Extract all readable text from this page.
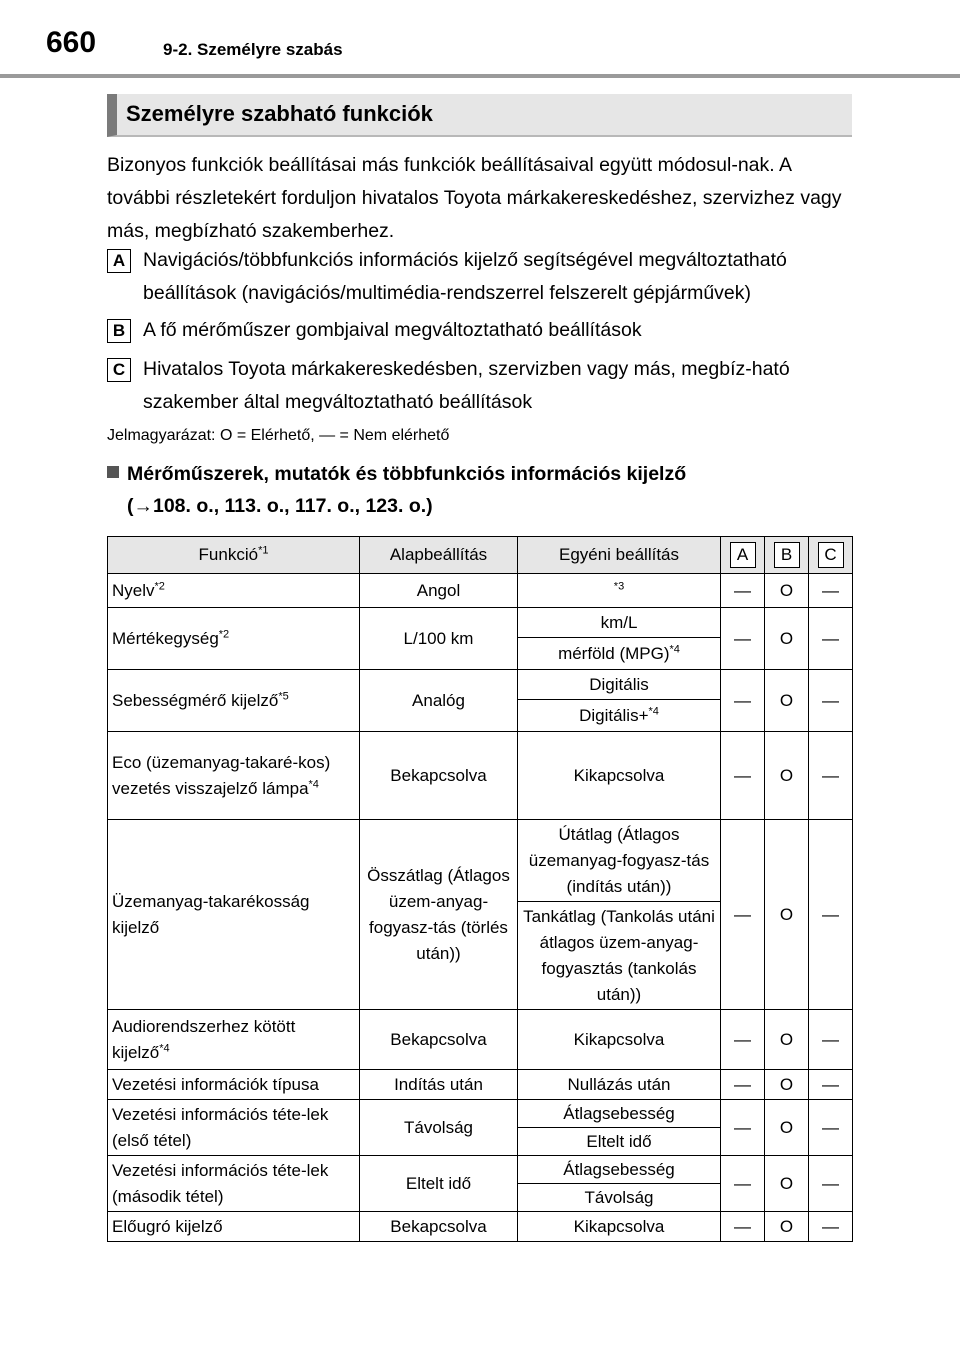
660	9-2. Személyre szabás
Személyre szabható funkciók
Bizonyos funkciók beállításai más funkciók beállításaival együtt módosul-nak. A további részletekért forduljon hivatalos Toyota márkakereskedéshez, szervizhez vagy más, megbízható szakemberhez.
A Navigációs/többfunkciós információs kijelző segítségével megváltoztatható beállítások (navigációs/multimédia-rendszerrel felszerelt gépjárművek)
B A fő mérőműszer gombjaival megváltoztatható beállítások
C Hivatalos Toyota márkakereskedésben, szervizben vagy más, megbíz-ható szakember által megváltoztatható beállítások
Jelmagyarázat: O = Elérhető, — = Nem elérhető
Mérőműszerek, mutatók és többfunkciós információs kijelző
(→108. o., 113. o., 117. o., 123. o.)
Funkció$^{*1}$	Alapbeállítás	Egyéni beállítás	A	B	C
Nyelv$^{*2}$	Angol	$^{*3}$	—	O	—
Mértékegység$^{*2}$	L/100 km	km/L	—	O	—
		mérföld (MPG)$^{*4}$
Sebességmérő kijelző$^{*5}$	Analóg	Digitális	—	O	—
		Digitális+$^{*4}$
Eco (üzemanyag-takaré-kos) vezetés visszajelző lámpa$^{*4}$	Bekapcsolva	Kikapcsolva	—	O	—
Üzemanyag-takarékosság kijelző	Összátlag (Átlagos üzem-anyag-fogyasz-tás (törlés után))	Útátlag (Átlagos üzemanyag-fogyasz-tás (indítás után))	—	O	—
		Tankátlag (Tankolás utáni átlagos üzem-anyag-fogyasztás (tankolás után))			
Audiorendszerhez kötött kijelző$^{*4}$	Bekapcsolva	Kikapcsolva	—	O	—
Vezetési információk típusa	Indítás után	Nullázás után	—	O	—
Vezetési információs téte-lek (első tétel)	Távolság	Átlagsebesség	—	O	—
		Eltelt idő			
Vezetési információs téte-lek (második tétel)	Eltelt idő	Átlagsebesség	—	O	—
		Távolság			
Előugró kijelző	Bekapcsolva	Kikapcsolva	—	O	—
